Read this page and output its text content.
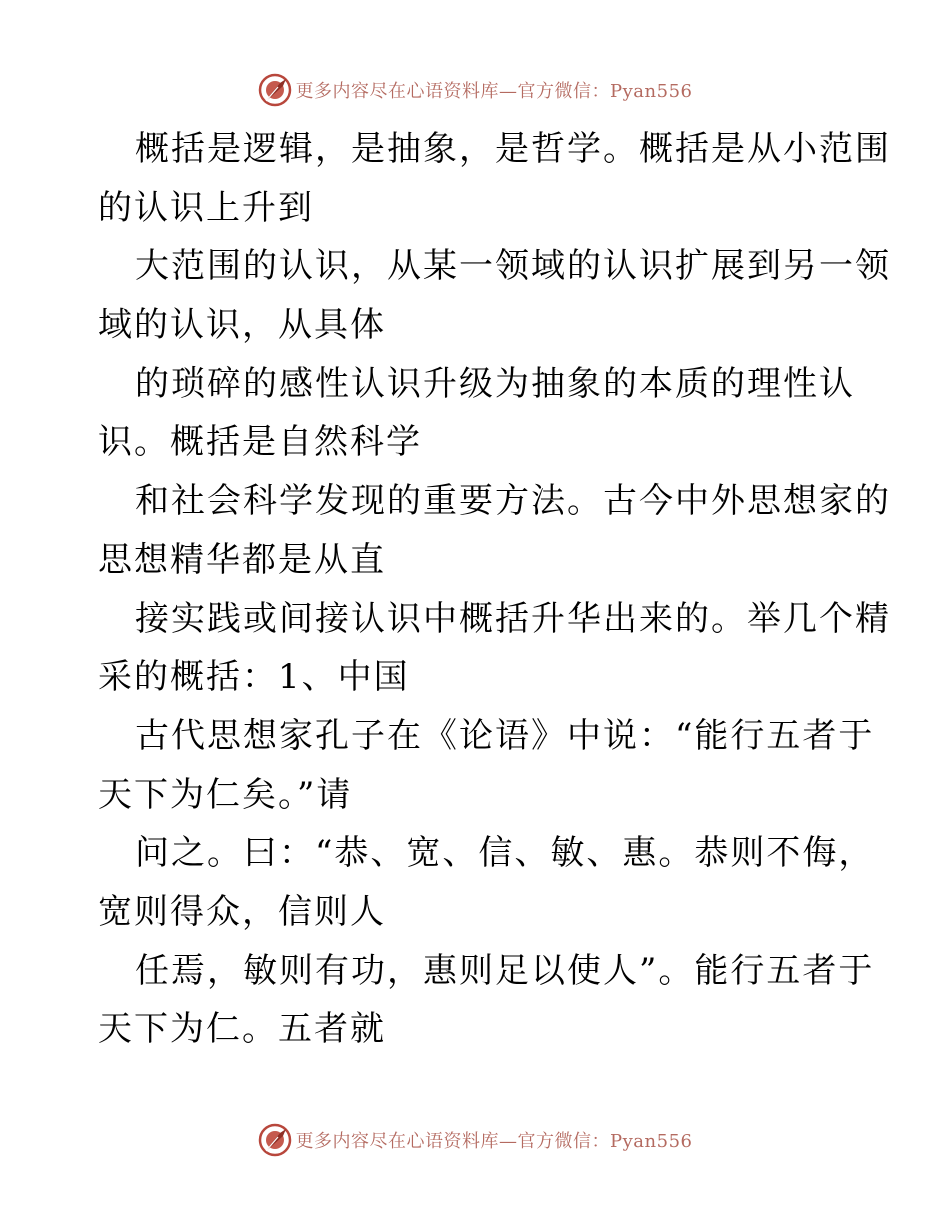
更多内容尽在心语资料库—官方微信：Pyan556
概括是逻辑，是抽象，是哲学。概括是从小范围
的认识上升到
大范围的认识，从某一领域的认识扩展到另一领
域的认识，从具体
的琐碎的感性认识升级为抽象的本质的理性认
识。概括是自然科学
和社会科学发现的重要方法。古今中外思想家的
思想精华都是从直
接实践或间接认识中概括升华出来的。举几个精
采的概括：1、中国
古代思想家孔子在《论语》中说：“能行五者于
天下为仁矣。”请
问之。曰：“恭、宽、信、敏、惠。恭则不侮，
宽则得众，信则人
任焉，敏则有功，惠则足以使人”。能行五者于
天下为仁。五者就
更多内容尽在心语资料库—官方微信：Pyan556
